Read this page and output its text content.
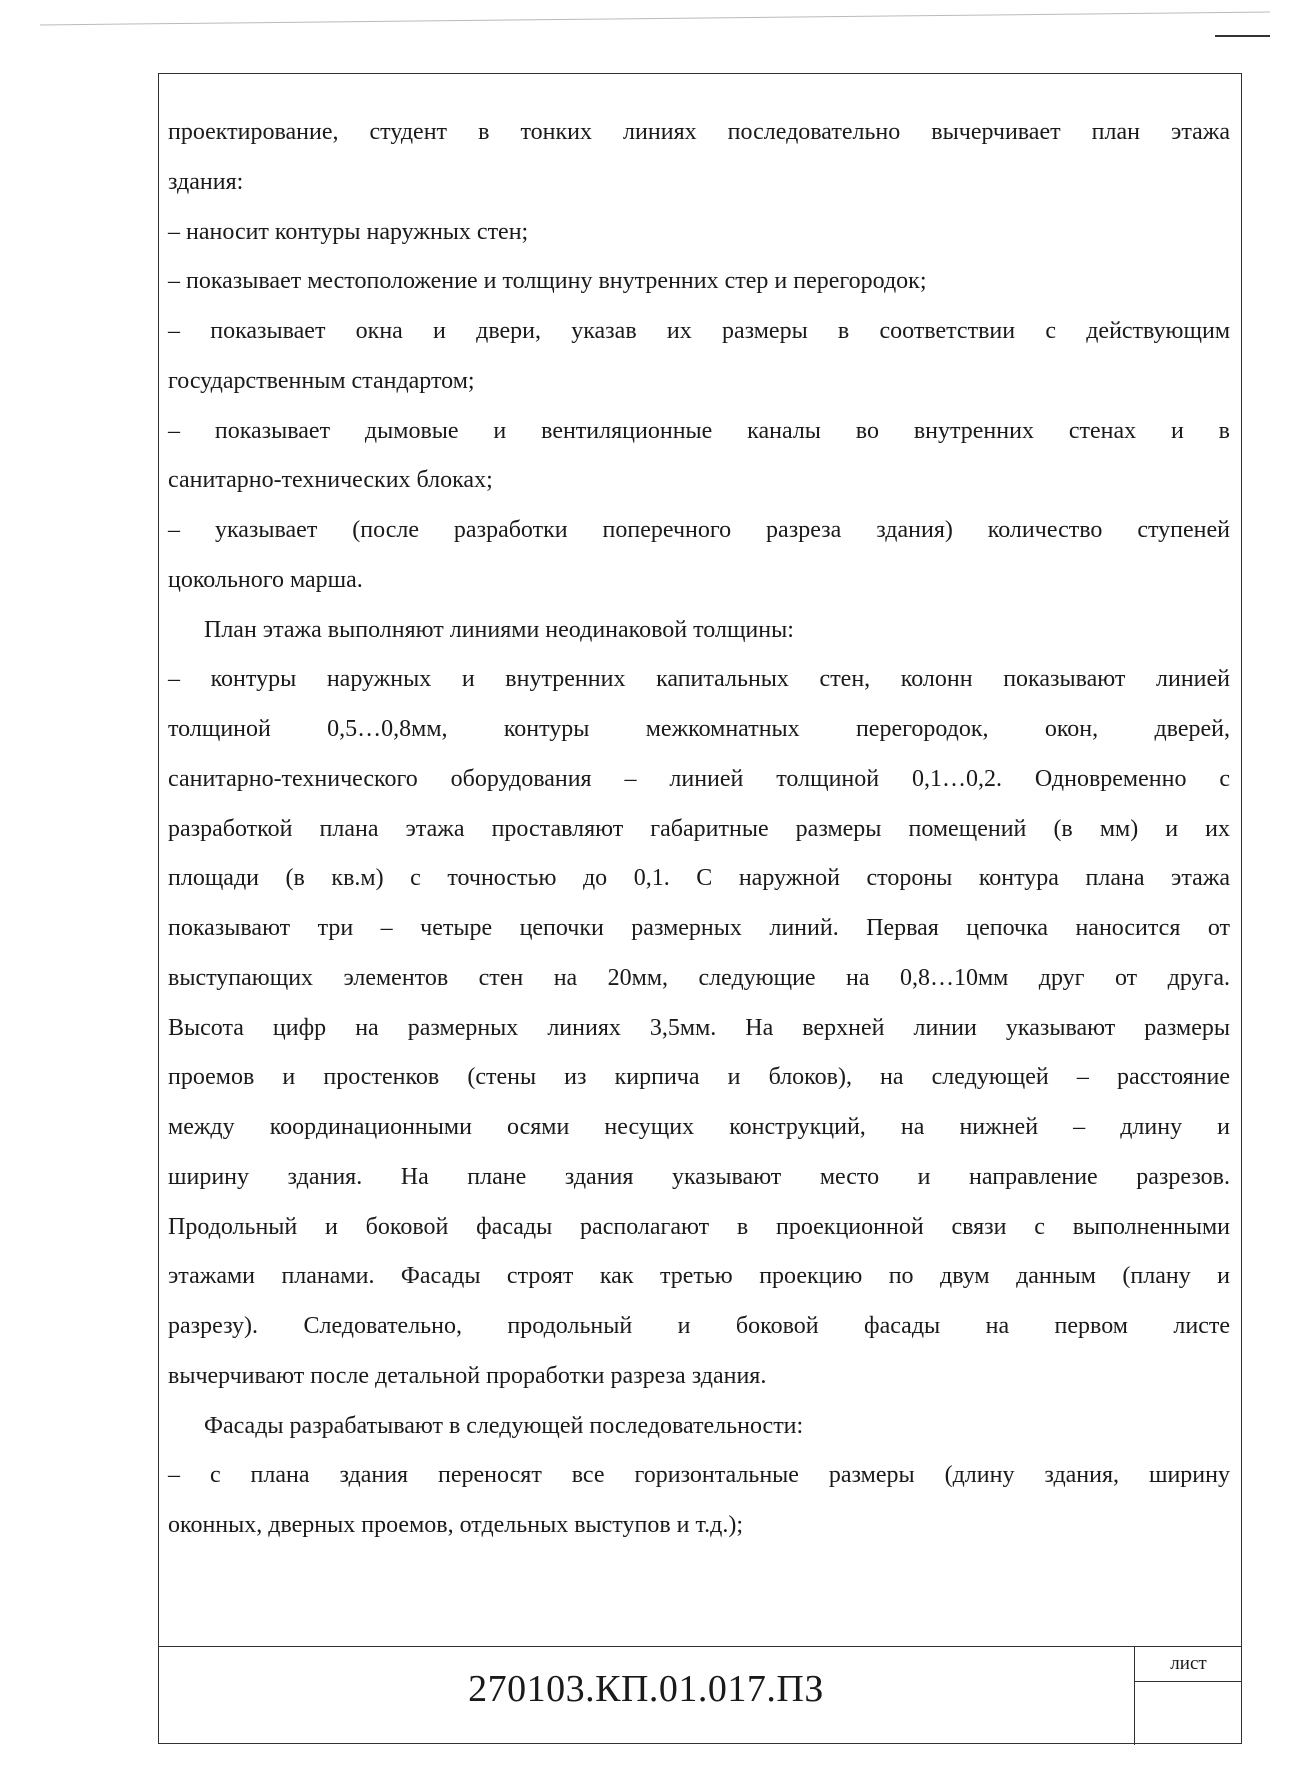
проектирование, студент в тонких линиях последовательно вычерчивает план этажа
здания:
– наносит контуры наружных стен;
– показывает местоположение и толщину внутренних стер и перегородок;
– показывает окна и двери, указав их размеры в соответствии с действующим
государственным стандартом;
– показывает дымовые и вентиляционные каналы во внутренних стенах и в
санитарно-технических блоках;
– указывает (после разработки поперечного разреза здания) количество ступеней
цокольного марша.
План этажа выполняют линиями неодинаковой толщины:
– контуры наружных и внутренних капитальных стен, колонн показывают линией
толщиной 0,5…0,8мм, контуры межкомнатных перегородок, окон, дверей,
санитарно-технического оборудования – линией толщиной 0,1…0,2. Одновременно с
разработкой плана этажа проставляют габаритные размеры помещений (в мм) и их
площади (в кв.м) с точностью до 0,1. С наружной стороны контура плана этажа
показывают три – четыре цепочки размерных линий. Первая цепочка наносится от
выступающих элементов стен на 20мм, следующие на 0,8…10мм друг от друга.
Высота цифр на размерных линиях 3,5мм. На верхней линии указывают размеры
проемов и простенков (стены из кирпича и блоков), на следующей – расстояние
между координационными осями несущих конструкций, на нижней – длину и
ширину здания. На плане здания указывают место и направление разрезов.
Продольный и боковой фасады располагают в проекционной связи с выполненными
этажами планами. Фасады строят как третью проекцию по двум данным (плану и
разрезу). Следовательно, продольный и боковой фасады на первом листе
вычерчивают после детальной проработки разреза здания.
Фасады разрабатывают в следующей последовательности:
– с плана здания переносят все горизонтальные размеры (длину здания, ширину
оконных, дверных проемов, отдельных выступов и т.д.);
270103.КП.01.017.ПЗ
лист
